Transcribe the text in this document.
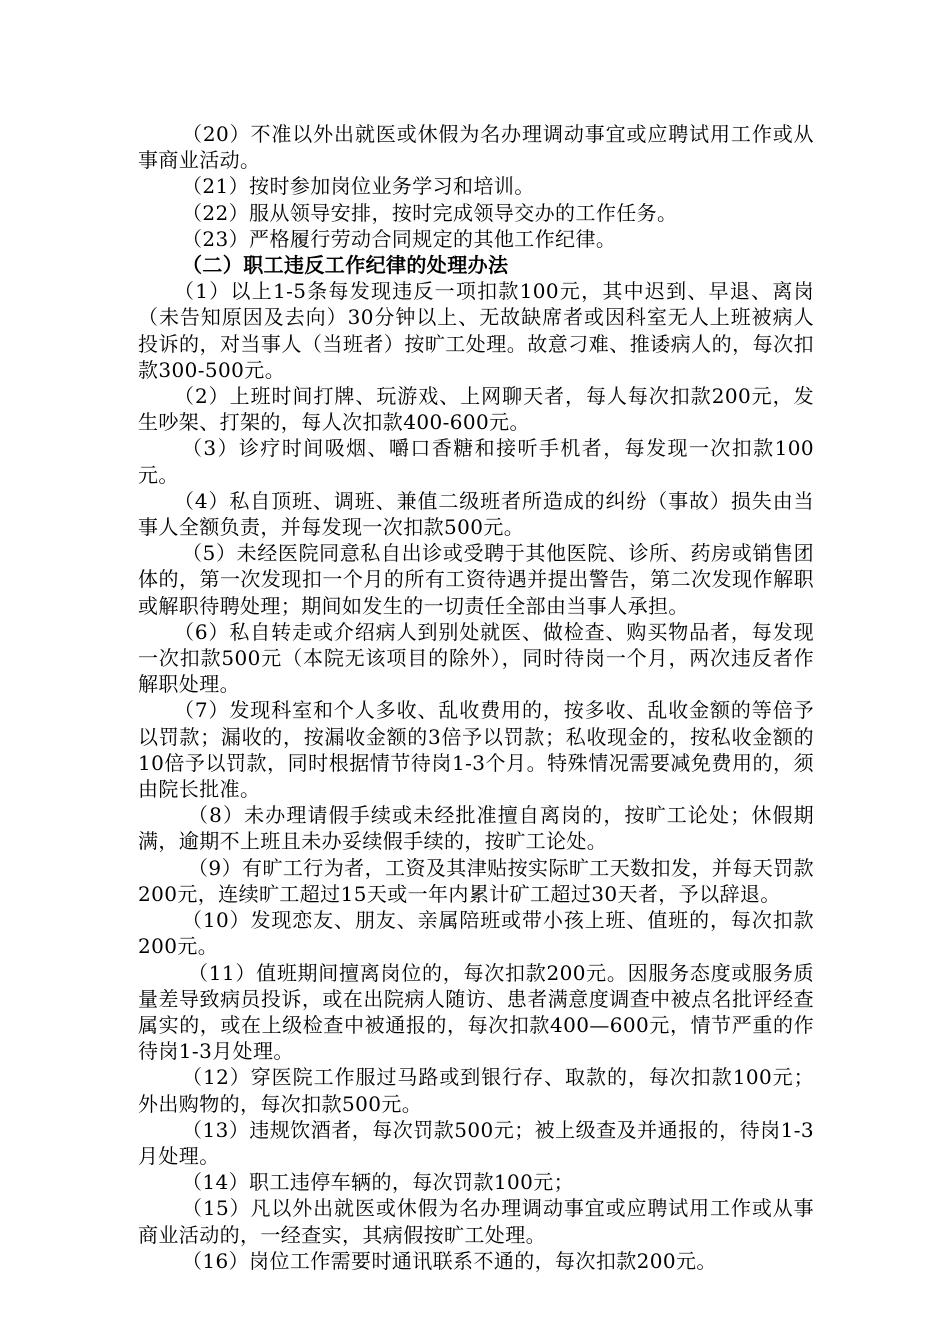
（20）不准以外出就医或休假为名办理调动事宜或应聘试用工作或从事商业活动。

（21）按时参加岗位业务学习和培训。

（22）服从领导安排，按时完成领导交办的工作任务。

（23）严格履行劳动合同规定的其他工作纪律。

（二）职工违反工作纪律的处理办法

（1）以上1-5条每发现违反一项扣款100元，其中迟到、早退、离岗（未告知原因及去向）30分钟以上、无故缺席者或因科室无人上班被病人投诉的，对当事人（当班者）按旷工处理。故意刁难、推诿病人的，每次扣款300-500元。

（2）上班时间打牌、玩游戏、上网聊天者，每人每次扣款200元，发生吵架、打架的，每人次扣款400-600元。

（3）诊疗时间吸烟、嚼口香糖和接听手机者，每发现一次扣款100元。

（4）私自顶班、调班、兼值二级班者所造成的纠纷（事故）损失由当事人全额负责，并每发现一次扣款500元。

（5）未经医院同意私自出诊或受聘于其他医院、诊所、药房或销售团体的，第一次发现扣一个月的所有工资待遇并提出警告，第二次发现作解职或解职待聘处理；期间如发生的一切责任全部由当事人承担。

（6）私自转走或介绍病人到别处就医、做检查、购买物品者，每发现一次扣款500元（本院无该项目的除外），同时待岗一个月，两次违反者作解职处理。

（7）发现科室和个人多收、乱收费用的，按多收、乱收金额的等倍予以罚款；漏收的，按漏收金额的3倍予以罚款；私收现金的，按私收金额的10倍予以罚款，同时根据情节待岗1-3个月。特殊情况需要减免费用的，须由院长批准。

（8）未办理请假手续或未经批准擅自离岗的，按旷工论处；休假期满，逾期不上班且未办妥续假手续的，按旷工论处。

（9）有旷工行为者，工资及其津贴按实际旷工天数扣发，并每天罚款200元，连续旷工超过15天或一年内累计矿工超过30天者，予以辞退。

（10）发现恋友、朋友、亲属陪班或带小孩上班、值班的，每次扣款200元。

（11）值班期间擅离岗位的，每次扣款200元。因服务态度或服务质量差导致病员投诉，或在出院病人随访、患者满意度调查中被点名批评经查属实的，或在上级检查中被通报的，每次扣款400—600元，情节严重的作待岗1-3月处理。

（12）穿医院工作服过马路或到银行存、取款的，每次扣款100元；外出购物的，每次扣款500元。

（13）违规饮酒者，每次罚款500元；被上级查及并通报的，待岗1-3月处理。

（14）职工违停车辆的，每次罚款100元；

（15）凡以外出就医或休假为名办理调动事宜或应聘试用工作或从事商业活动的，一经查实，其病假按旷工处理。

（16）岗位工作需要时通讯联系不通的，每次扣款200元。
